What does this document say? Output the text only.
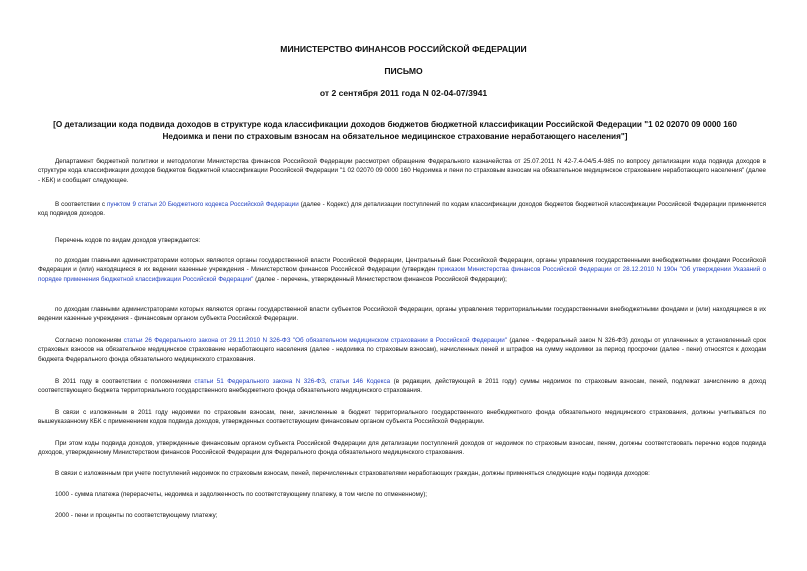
МИНИСТЕРСТВО ФИНАНСОВ РОССИЙСКОЙ ФЕДЕРАЦИИ

ПИСЬМО

от 2 сентября 2011 года N 02-04-07/3941

[О детализации кода подвида доходов в структуре кода классификации доходов бюджетов бюджетной классификации Российской Федерации "1 02 02070 09 0000 160 Недоимка и пени по страховым взносам на обязательное медицинское страхование неработающего населения"]

Департамент бюджетной политики и методологии Министерства финансов Российской Федерации рассмотрел обращение Федерального казначейства от 25.07.2011 N 42-7.4-04/5.4-985 по вопросу детализации кода подвида доходов в структуре кода классификации доходов бюджетов бюджетной классификации Российской Федерации "1 02 02070 09 0000 160 Недоимка и пени по страховым взносам на обязательное медицинское страхование неработающего населения" (далее - КБК) и сообщает следующее.

В соответствии с пунктом 9 статьи 20 Бюджетного кодекса Российской Федерации (далее - Кодекс) для детализации поступлений по кодам классификации доходов бюджетов бюджетной классификации Российской Федерации применяется код подвидов доходов.

Перечень кодов по видам доходов утверждается:

по доходам главными администраторами которых являются органы государственной власти Российской Федерации, Центральный банк Российской Федерации, органы управления государственными внебюджетными фондами Российской Федерации и (или) находящиеся в их ведении казенные учреждения - Министерством финансов Российской Федерации (утвержден приказом Министерства финансов Российской Федерации от 28.12.2010 N 190н "Об утверждении Указаний о порядке применения бюджетной классификации Российской Федерации" (далее - перечень, утвержденный Министерством финансов Российской Федерации);

по доходам главными администраторами которых являются органы государственной власти субъектов Российской Федерации, органы управления территориальными государственными внебюджетными фондами и (или) находящиеся в их ведении казенные учреждения - финансовым органом субъекта Российской Федерации.

Согласно положениям статьи 26 Федерального закона от 29.11.2010 N 326-ФЗ "Об обязательном медицинском страховании в Российской Федерации" (далее - Федеральный закон N 326-ФЗ) доходы от уплаченных в установленный срок страховых взносов на обязательное медицинское страхование неработающего населения (далее - недоимка по страховым взносам), начисленных пеней и штрафов на сумму недоимки за период просрочки (далее - пени) относятся к доходам бюджета Федерального фонда обязательного медицинского страхования.

В 2011 году в соответствии с положениями статьи 51 Федерального закона N 326-ФЗ, статьи 146 Кодекса (в редакции, действующей в 2011 году) суммы недоимок по страховым взносам, пеней, подлежат зачислению в доход соответствующего бюджета территориального государственного внебюджетного фонда обязательного медицинского страхования.

В связи с изложенным в 2011 году недоимки по страховым взносам, пени, зачисленные в бюджет территориального государственного внебюджетного фонда обязательного медицинского страхования, должны учитываться по вышеуказанному КБК с применением кодов подвида доходов, утвержденных соответствующим финансовым органом субъекта Российской Федерации.

При этом коды подвида доходов, утвержденные финансовым органом субъекта Российской Федерации для детализации поступлений доходов от недоимок по страховым взносам, пеням, должны соответствовать перечню кодов подвида доходов, утвержденному Министерством финансов Российской Федерации для Федерального фонда обязательного медицинского страхования.

В связи с изложенным при учете поступлений недоимок по страховым взносам, пеней, перечисленных страхователями неработающих граждан, должны применяться следующие коды подвида доходов:

1000 - сумма платежа (перерасчеты, недоимка и задолженность по соответствующему платежу, в том числе по отмененному);

2000 - пени и проценты по соответствующему платежу;
